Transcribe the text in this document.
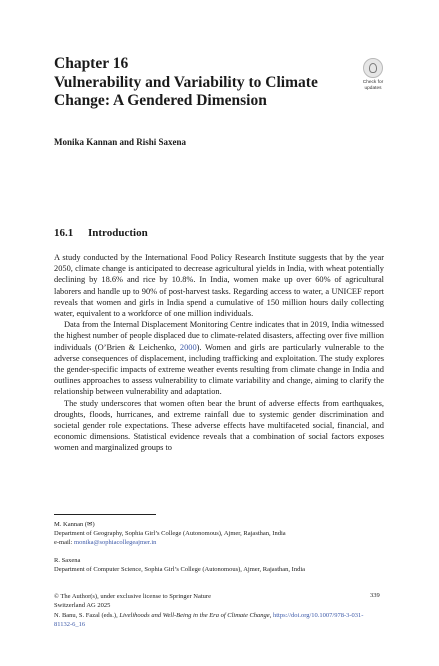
Chapter 16
Vulnerability and Variability to Climate Change: A Gendered Dimension
Check for
updates
Monika Kannan and Rishi Saxena
16.1 Introduction

A study conducted by the International Food Policy Research Institute suggests that by the year 2050, climate change is anticipated to decrease agricultural yields in India, with wheat potentially declining by 18.6% and rice by 10.8%. In India, women make up over 60% of agricultural laborers and handle up to 90% of post-harvest tasks. Regarding access to water, a UNICEF report reveals that women and girls in India spend a cumulative of 150 million hours daily collecting water, equivalent to a workforce of one million individuals.

Data from the Internal Displacement Monitoring Centre indicates that in 2019, India witnessed the highest number of people displaced due to climate-related disasters, affecting over five million individuals (O’Brien & Leichenko, 2000). Women and girls are particularly vulnerable to the adverse consequences of displacement, including trafficking and exploitation. The study explores the gender-specific impacts of extreme weather events resulting from climate change in India and outlines approaches to assess vulnerability to climate variability and change, aiming to clarify the relationship between vulnerability and adaptation.

The study underscores that women often bear the brunt of adverse effects from earthquakes, droughts, floods, hurricanes, and extreme rainfall due to systemic gender discrimination and societal gender role expectations. These adverse effects have multifaceted social, financial, and economic dimensions. Statistical evidence reveals that a combination of social factors exposes women and marginalized groups to

M. Kannan (✉)
Department of Geography, Sophia Girl’s College (Autonomous), Ajmer, Rajasthan, India
e-mail: monika@sophiacollegeajmer.in
R. Saxena
Department of Computer Science, Sophia Girl’s College (Autonomous), Ajmer, Rajasthan, India
© The Author(s), under exclusive license to Springer Nature
Switzerland AG 2025
N. Banu, S. Fazal (eds.), Livelihoods and Well-Being in the Era of Climate Change, https://doi.org/10.1007/978-3-031-81132-6_16
339
